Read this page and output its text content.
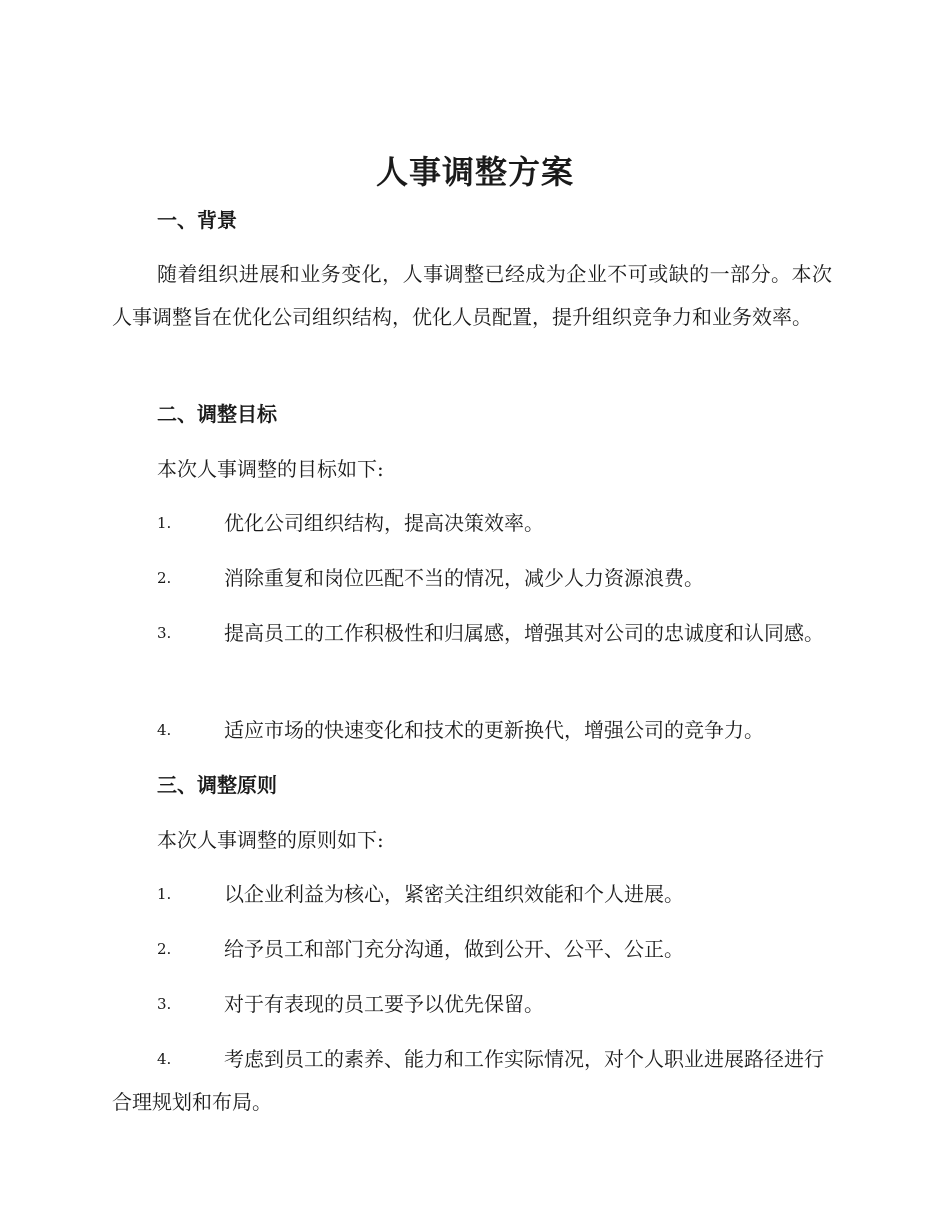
人事调整方案
一、背景
随着组织进展和业务变化，人事调整已经成为企业不可或缺的一部分。本次人事调整旨在优化公司组织结构，优化人员配置，提升组织竞争力和业务效率。
二、调整目标
本次人事调整的目标如下:
1.	优化公司组织结构，提高决策效率。
2.	消除重复和岗位匹配不当的情况，减少人力资源浪费。
3.	提高员工的工作积极性和归属感，增强其对公司的忠诚度和认同感。
4.	适应市场的快速变化和技术的更新换代，增强公司的竞争力。
三、调整原则
本次人事调整的原则如下:
1.	以企业利益为核心，紧密关注组织效能和个人进展。
2.	给予员工和部门充分沟通，做到公开、公平、公正。
3.	对于有表现的员工要予以优先保留。
4.	考虑到员工的素养、能力和工作实际情况，对个人职业进展路径进行合理规划和布局。
